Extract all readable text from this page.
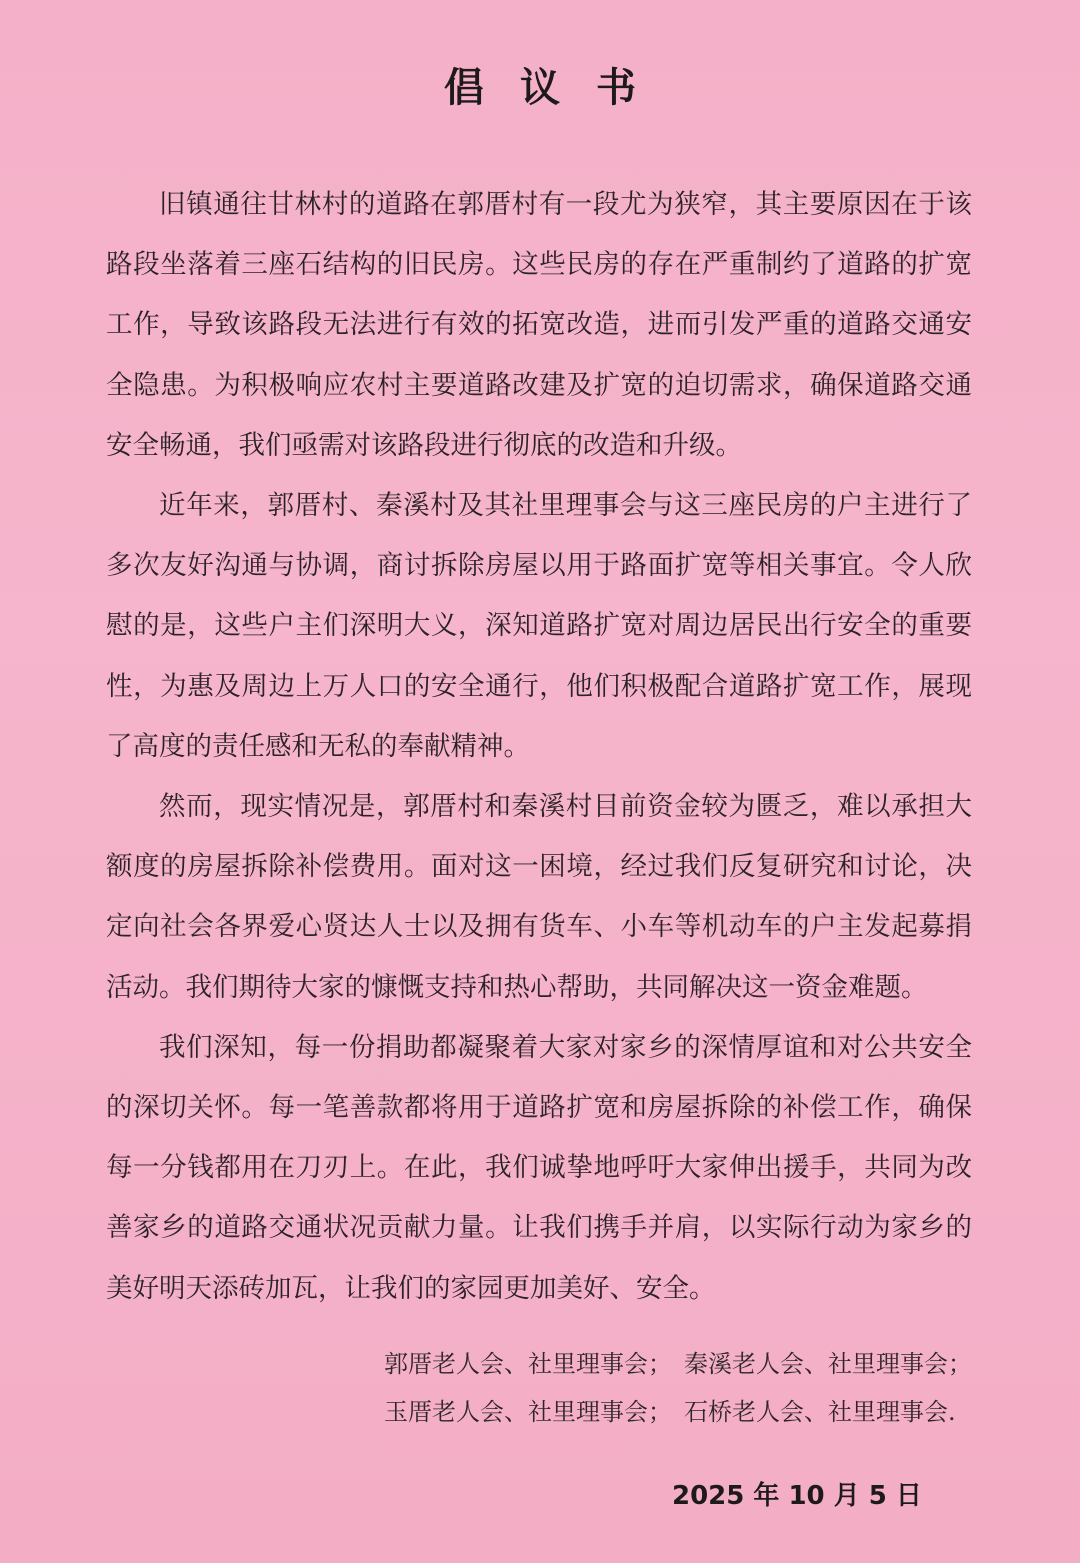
倡议书

旧镇通往甘林村的道路在郭厝村有一段尤为狭窄，其主要原因在于该路段坐落着三座石结构的旧民房。这些民房的存在严重制约了道路的扩宽工作，导致该路段无法进行有效的拓宽改造，进而引发严重的道路交通安全隐患。为积极响应农村主要道路改建及扩宽的迫切需求，确保道路交通安全畅通，我们亟需对该路段进行彻底的改造和升级。

近年来，郭厝村、秦溪村及其社里理事会与这三座民房的户主进行了多次友好沟通与协调，商讨拆除房屋以用于路面扩宽等相关事宜。令人欣慰的是，这些户主们深明大义，深知道路扩宽对周边居民出行安全的重要性，为惠及周边上万人口的安全通行，他们积极配合道路扩宽工作，展现了高度的责任感和无私的奉献精神。

然而，现实情况是，郭厝村和秦溪村目前资金较为匮乏，难以承担大额度的房屋拆除补偿费用。面对这一困境，经过我们反复研究和讨论，决定向社会各界爱心贤达人士以及拥有货车、小车等机动车的户主发起募捐活动。我们期待大家的慷慨支持和热心帮助，共同解决这一资金难题。

我们深知，每一份捐助都凝聚着大家对家乡的深情厚谊和对公共安全的深切关怀。每一笔善款都将用于道路扩宽和房屋拆除的补偿工作，确保每一分钱都用在刀刃上。在此，我们诚挚地呼吁大家伸出援手，共同为改善家乡的道路交通状况贡献力量。让我们携手并肩，以实际行动为家乡的美好明天添砖加瓦，让我们的家园更加美好、安全。

郭厝老人会、社里理事会； 秦溪老人会、社里理事会；
玉厝老人会、社里理事会； 石桥老人会、社里理事会.
2025 年 10 月 5 日
